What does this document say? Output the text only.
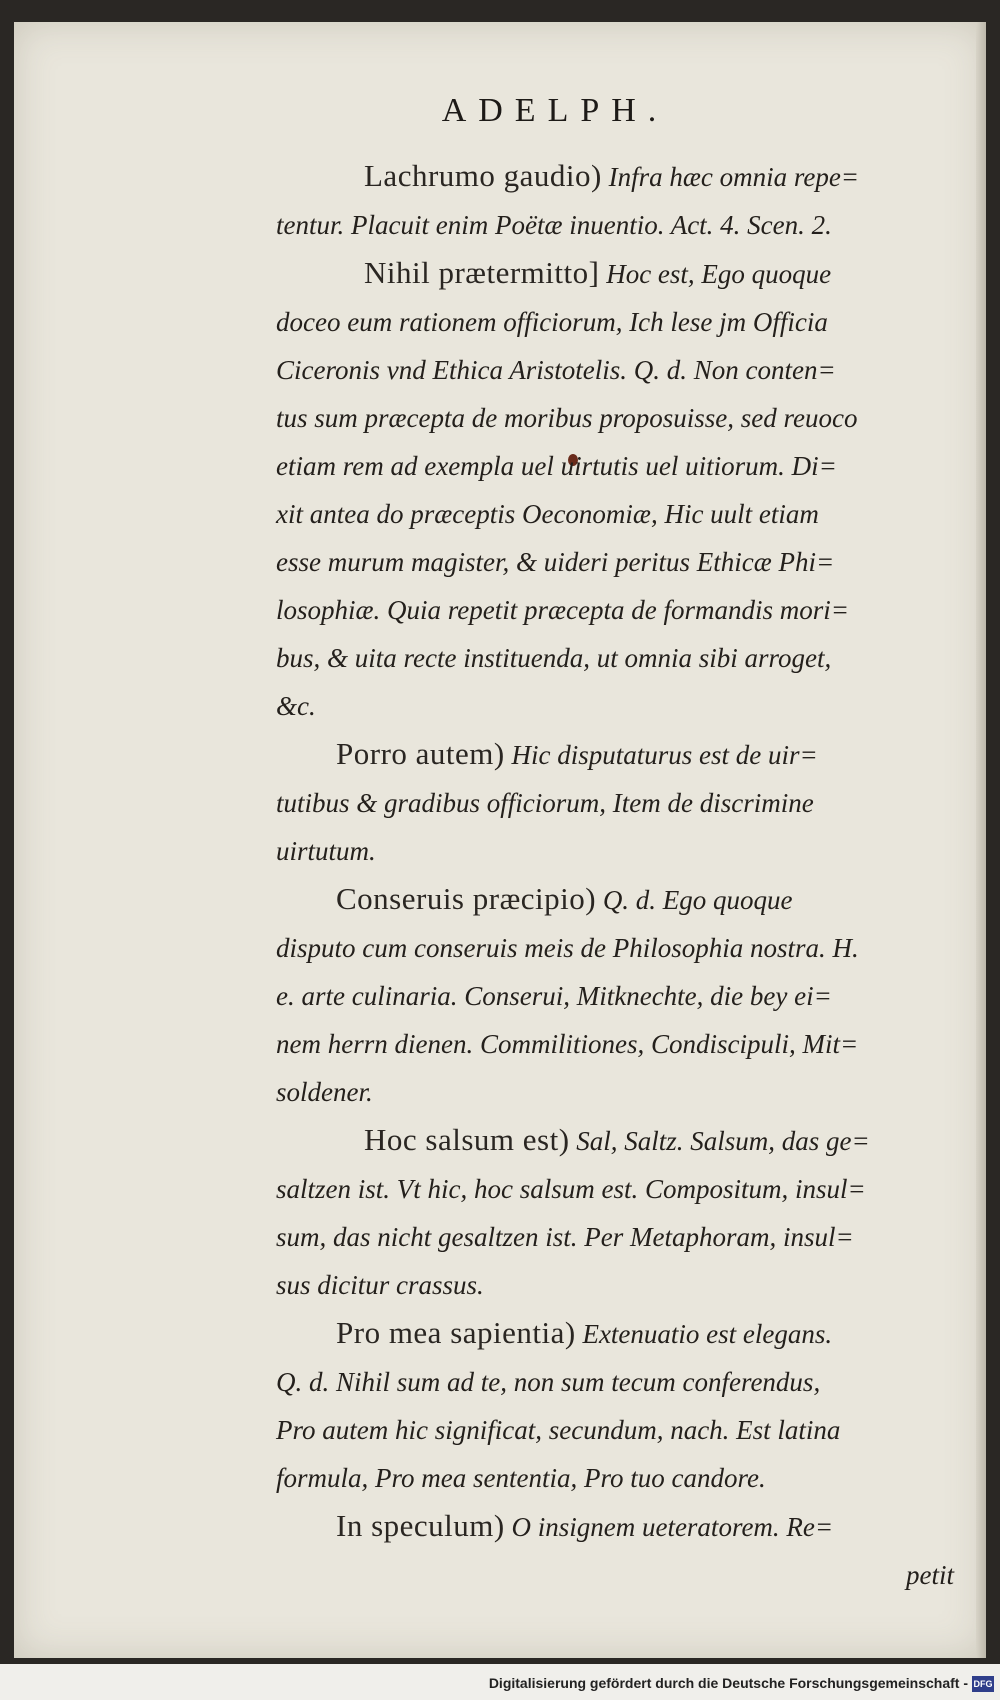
ADELPH.
Lachrumo gaudio) Infra hæc omnia repe=
tentur. Placuit enim Poëtæ inuentio. Act. 4. Scen. 2.
Nihil prætermitto] Hoc est, Ego quoque
doceo eum rationem officiorum, Ich lese jm Officia
Ciceronis vnd Ethica Aristotelis. Q. d. Non conten=
tus sum præcepta de moribus proposuisse, sed reuoco
etiam rem ad exempla uel uirtutis uel uitiorum. Di=
xit antea do præceptis Oeconomiæ, Hic uult etiam
esse murum magister, & uideri peritus Ethicæ Phi=
losophiæ. Quia repetit præcepta de formandis mori=
bus, & uita recte instituenda, ut omnia sibi arroget,
&c.
Porro autem) Hic disputaturus est de uir=
tutibus & gradibus officiorum, Item de discrimine
uirtutum.
Conseruis præcipio) Q. d. Ego quoque
disputo cum conseruis meis de Philosophia nostra. H.
e. arte culinaria. Conserui, Mitknechte, die bey ei=
nem herrn dienen. Commilitiones, Condiscipuli, Mit=
soldener.
Hoc salsum est) Sal, Saltz. Salsum, das ge=
saltzen ist. Vt hic, hoc salsum est. Compositum, insul=
sum, das nicht gesaltzen ist. Per Metaphoram, insul=
sus dicitur crassus.
Pro mea sapientia) Extenuatio est elegans.
Q. d. Nihil sum ad te, non sum tecum conferendus,
Pro autem hic significat, secundum, nach. Est latina
formula, Pro mea sententia, Pro tuo candore.
In speculum) O insignem ueteratorem. Re=
petit
Digitalisierung gefördert durch die Deutsche Forschungsgemeinschaft - DFG
